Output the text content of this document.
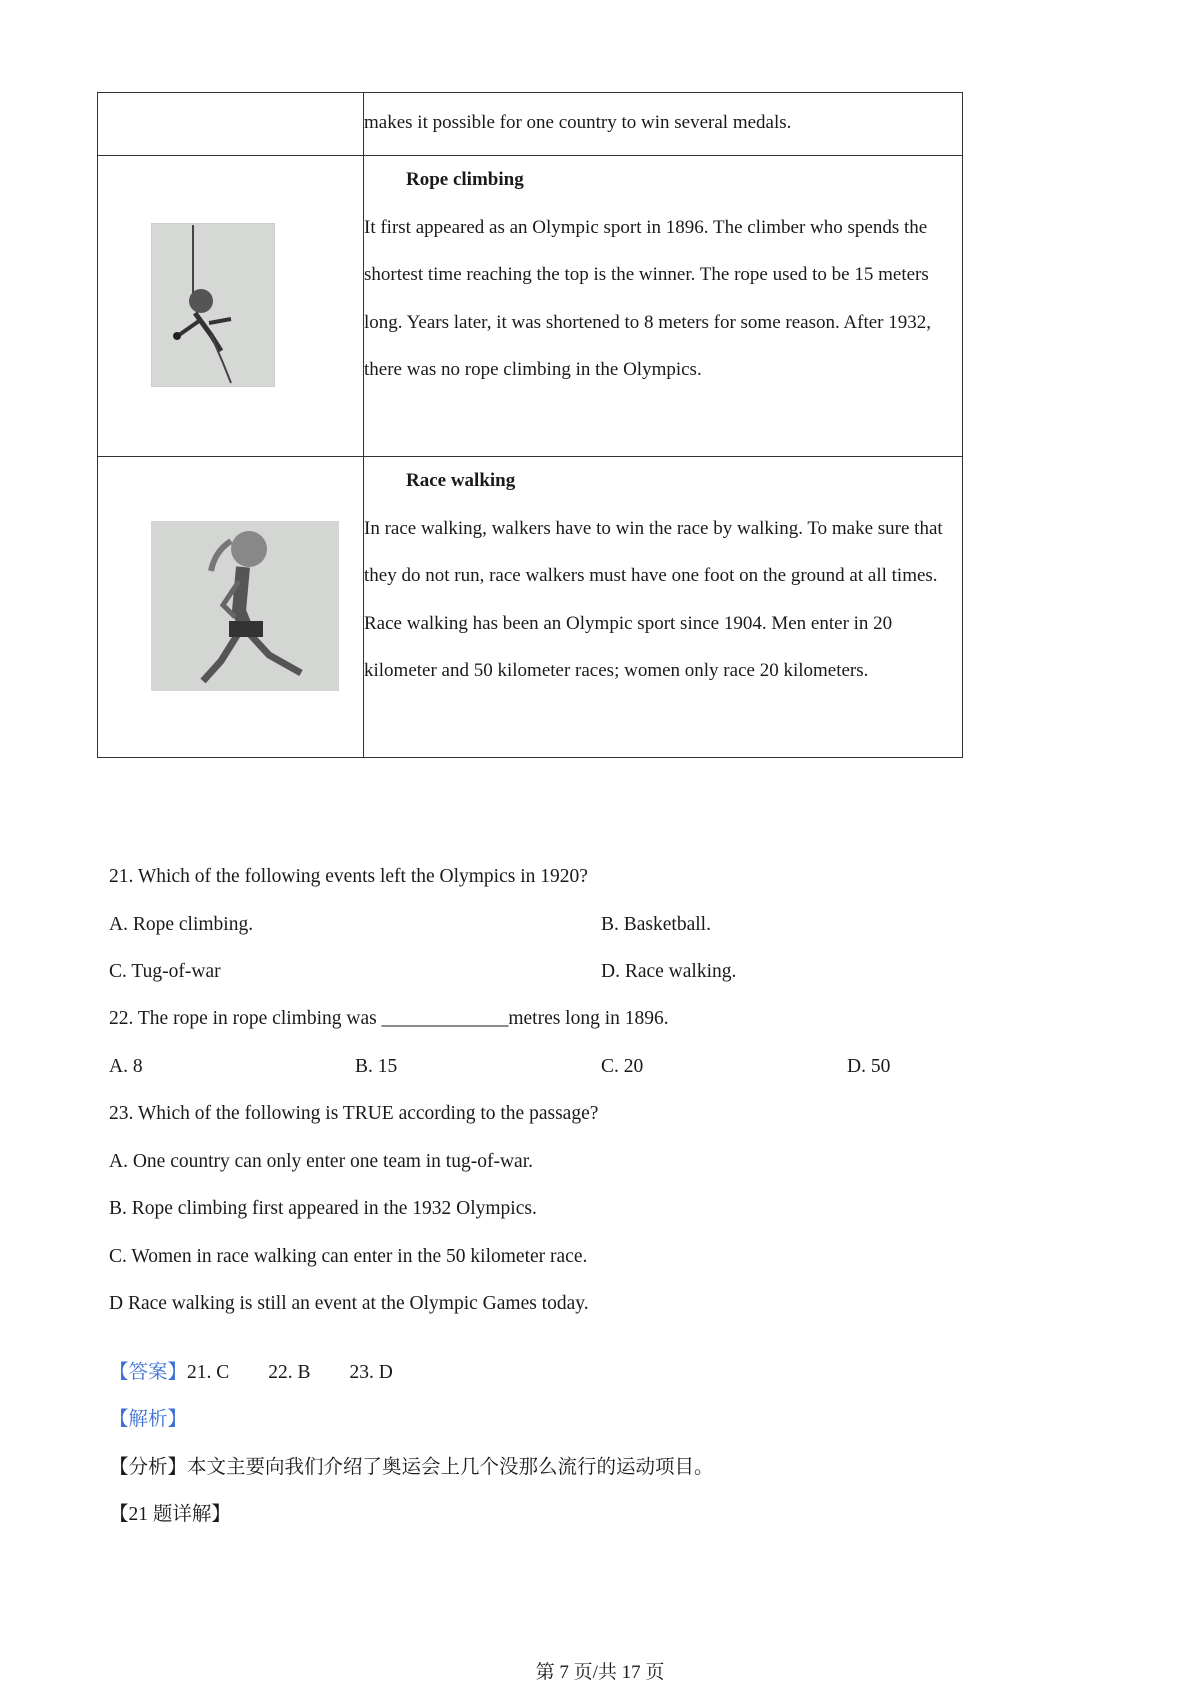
	makes it possible for one country to win several medals.

Rope climbing
It first appeared as an Olympic sport in 1896. The climber who spends the shortest time reaching the top is the winner. The rope used to be 15 meters long. Years later, it was shortened to 8 meters for some reason. After 1932, there was no rope climbing in the Olympics.

Race walking
In race walking, walkers have to win the race by walking. To make sure that they do not run, race walkers must have one foot on the ground at all times. Race walking has been an Olympic sport since 1904. Men enter in 20 kilometer and 50 kilometer races; women only race 20 kilometers.
21. Which of the following events left the Olympics in 1920?
A. Rope climbing.	B. Basketball.
C. Tug-of-war	D. Race walking.
22. The rope in rope climbing was _____________metres long in 1896.
A. 8	B. 15	C. 20	D. 50
23. Which of the following is TRUE according to the passage?
A. One country can only enter one team in tug-of-war.
B. Rope climbing first appeared in the 1932 Olympics.
C. Women in race walking can enter in the 50 kilometer race.
D Race walking is still an event at the Olympic Games today.
【答案】21. C        22. B        23. D
【解析】
【分析】本文主要向我们介绍了奥运会上几个没那么流行的运动项目。
【21 题详解】
第 7 页/共 17 页
